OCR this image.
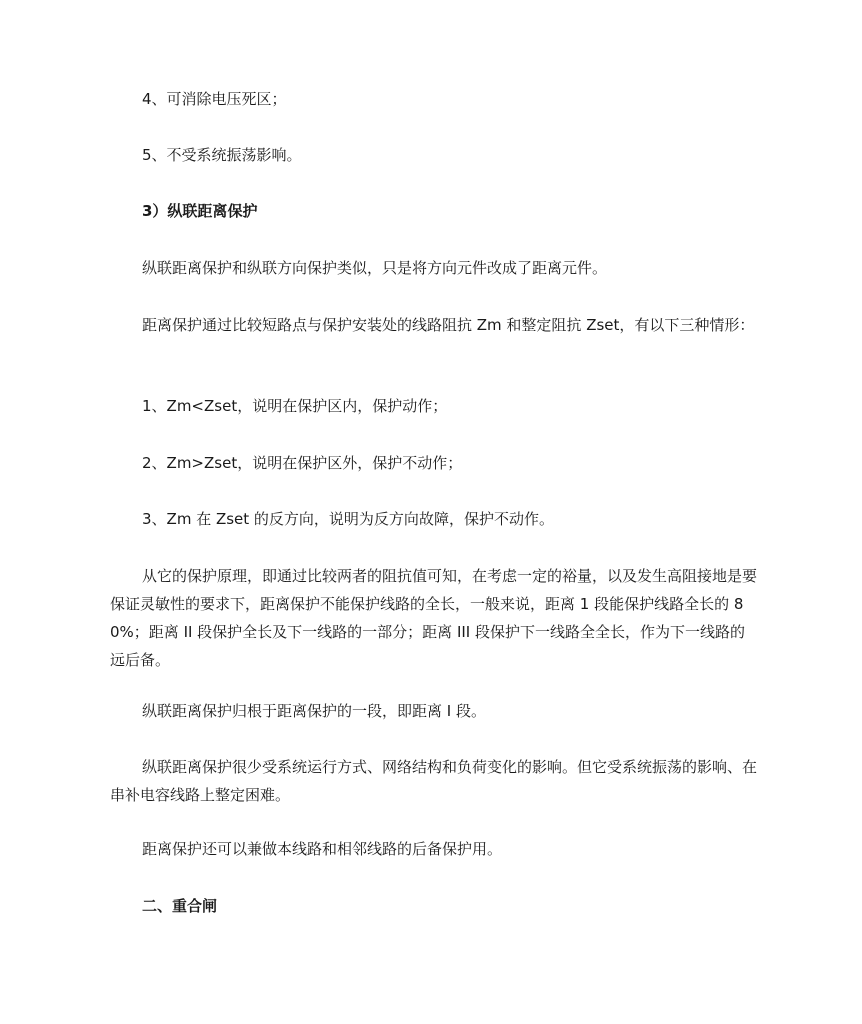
4、可消除电压死区；

5、不受系统振荡影响。

3）纵联距离保护

纵联距离保护和纵联方向保护类似，只是将方向元件改成了距离元件。

距离保护通过比较短路点与保护安装处的线路阻抗 Zm 和整定阻抗 Zset，有以下三种情形：

1、Zm<Zset，说明在保护区内，保护动作；

2、Zm>Zset，说明在保护区外，保护不动作；

3、Zm 在 Zset 的反方向，说明为反方向故障，保护不动作。

从它的保护原理，即通过比较两者的阻抗值可知，在考虑一定的裕量，以及发生高阻接地是要保证灵敏性的要求下，距离保护不能保护线路的全长，一般来说，距离 1 段能保护线路全长的 80%；距离 II 段保护全长及下一线路的一部分；距离 III 段保护下一线路全全长，作为下一线路的远后备。

纵联距离保护归根于距离保护的一段，即距离 I 段。

纵联距离保护很少受系统运行方式、网络结构和负荷变化的影响。但它受系统振荡的影响、在串补电容线路上整定困难。

距离保护还可以兼做本线路和相邻线路的后备保护用。

二、重合闸
